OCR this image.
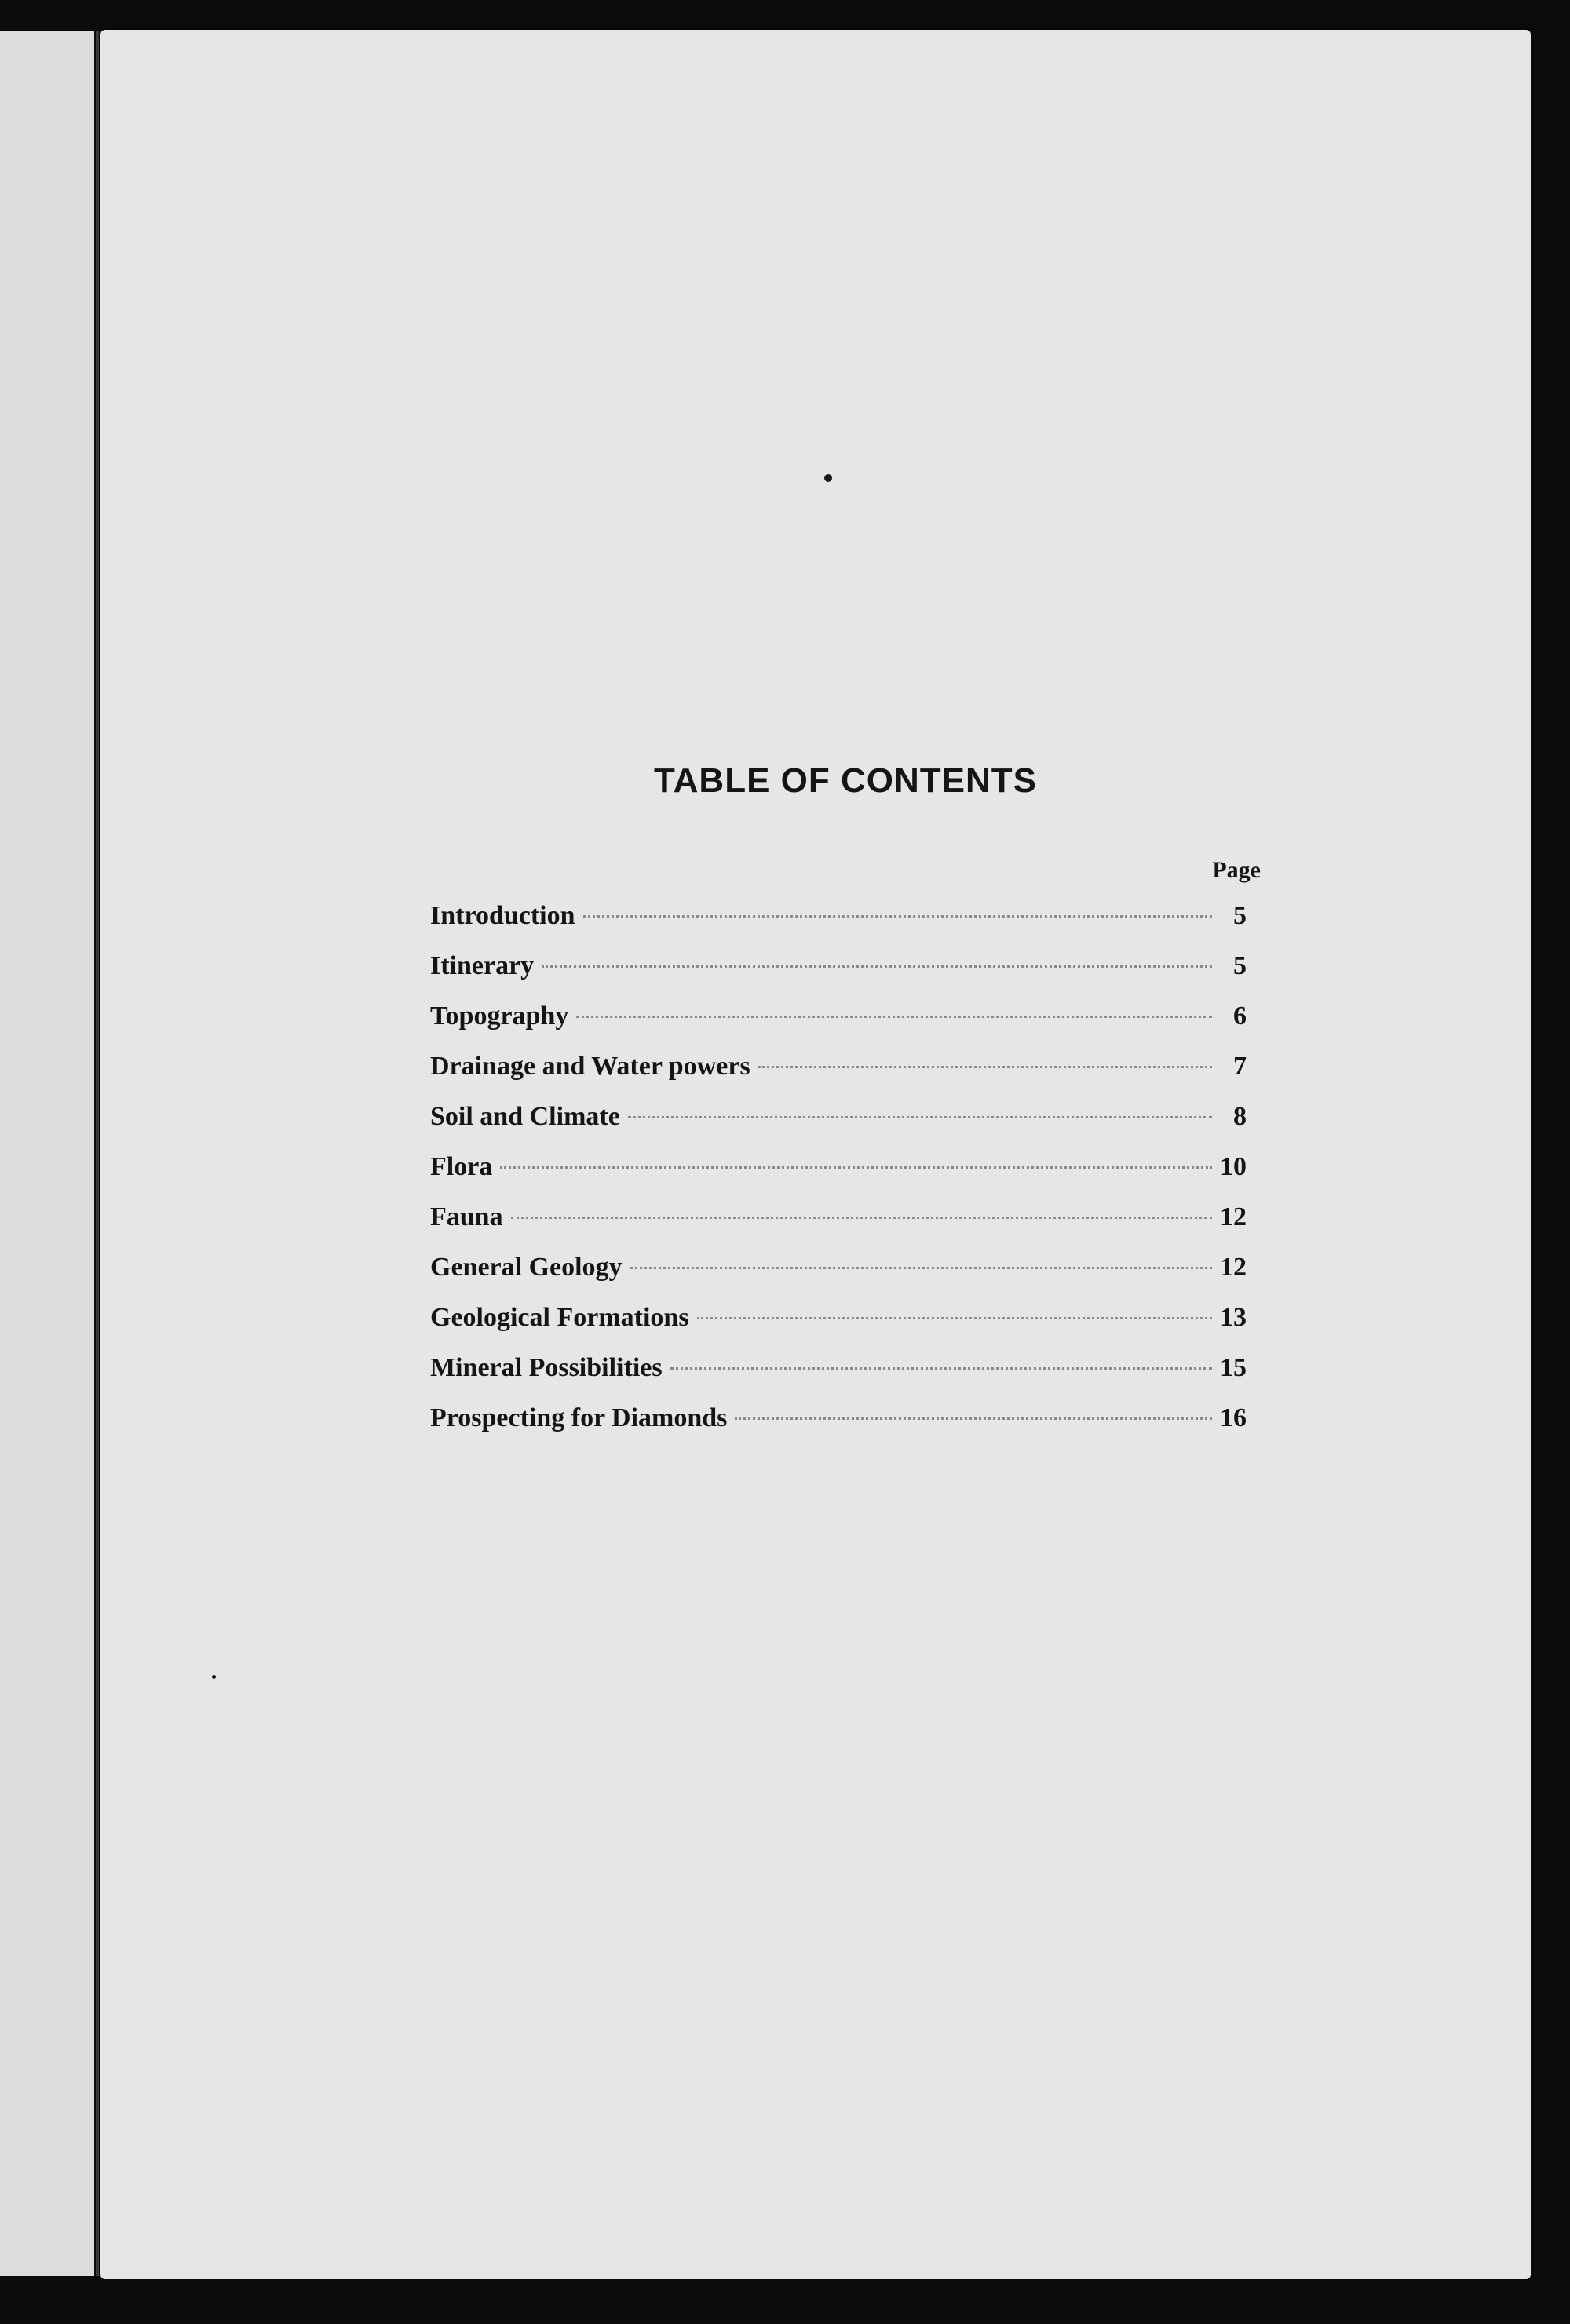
TABLE OF CONTENTS
Page
Introduction	5
Itinerary	5
Topography	6
Drainage and Water powers	7
Soil and Climate	8
Flora	10
Fauna	12
General Geology	12
Geological Formations	13
Mineral Possibilities	15
Prospecting for Diamonds	16
